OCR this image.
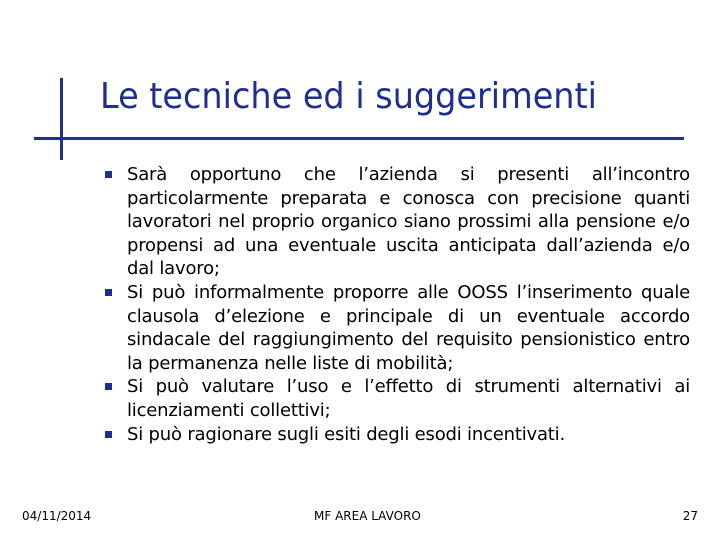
Le tecniche ed i suggerimenti
Sarà opportuno che l’azienda si presenti all’incontro particolarmente preparata e conosca con precisione quanti lavoratori nel proprio organico siano prossimi alla pensione e/o propensi ad una eventuale uscita anticipata dall’azienda e/o dal lavoro;
Si può informalmente proporre alle OOSS l’inserimento quale clausola d’elezione e principale di un eventuale accordo sindacale del raggiungimento del requisito pensionistico entro la permanenza nelle liste di mobilità;
Si può valutare l’uso e l’effetto di strumenti alternativi ai licenziamenti collettivi;
Si può ragionare sugli esiti degli esodi incentivati.
04/11/2014	MF AREA LAVORO	27
